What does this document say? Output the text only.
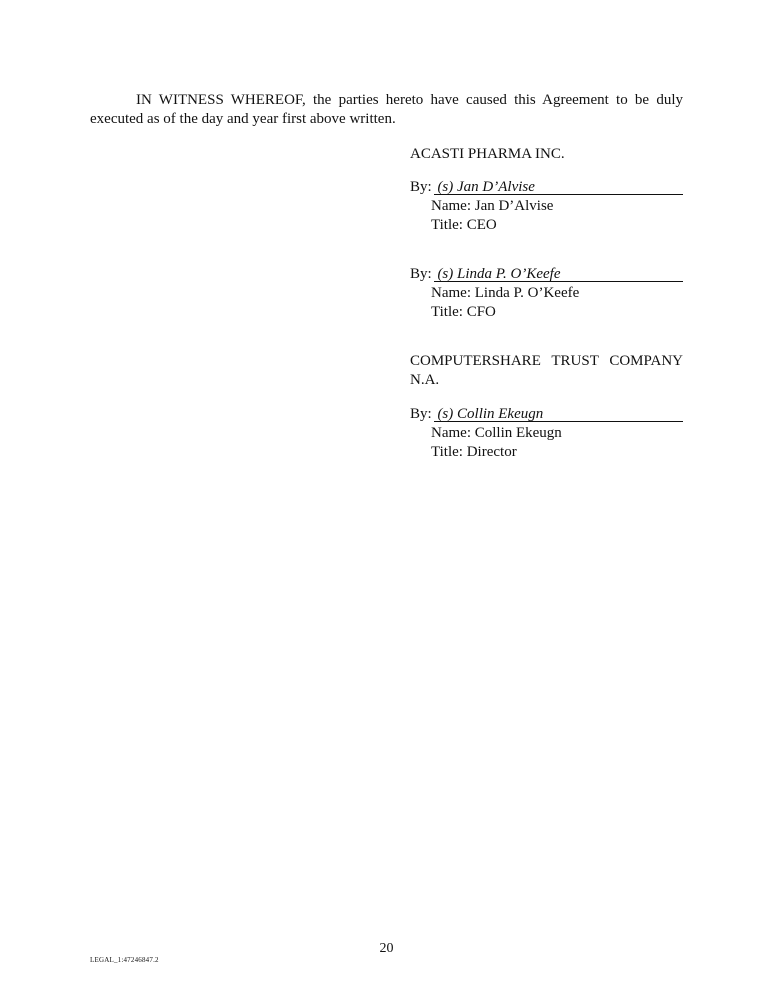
IN WITNESS WHEREOF, the parties hereto have caused this Agreement to be duly executed as of the day and year first above written.
ACASTI PHARMA INC.
By: (s) Jan D’Alvise
Name: Jan D’Alvise
Title: CEO
By: (s) Linda P. O’Keefe
Name: Linda P. O’Keefe
Title: CFO
COMPUTERSHARE TRUST COMPANY
N.A.
By: (s) Collin Ekeugn
Name: Collin Ekeugn
Title: Director
20
LEGAL_1:47246847.2
